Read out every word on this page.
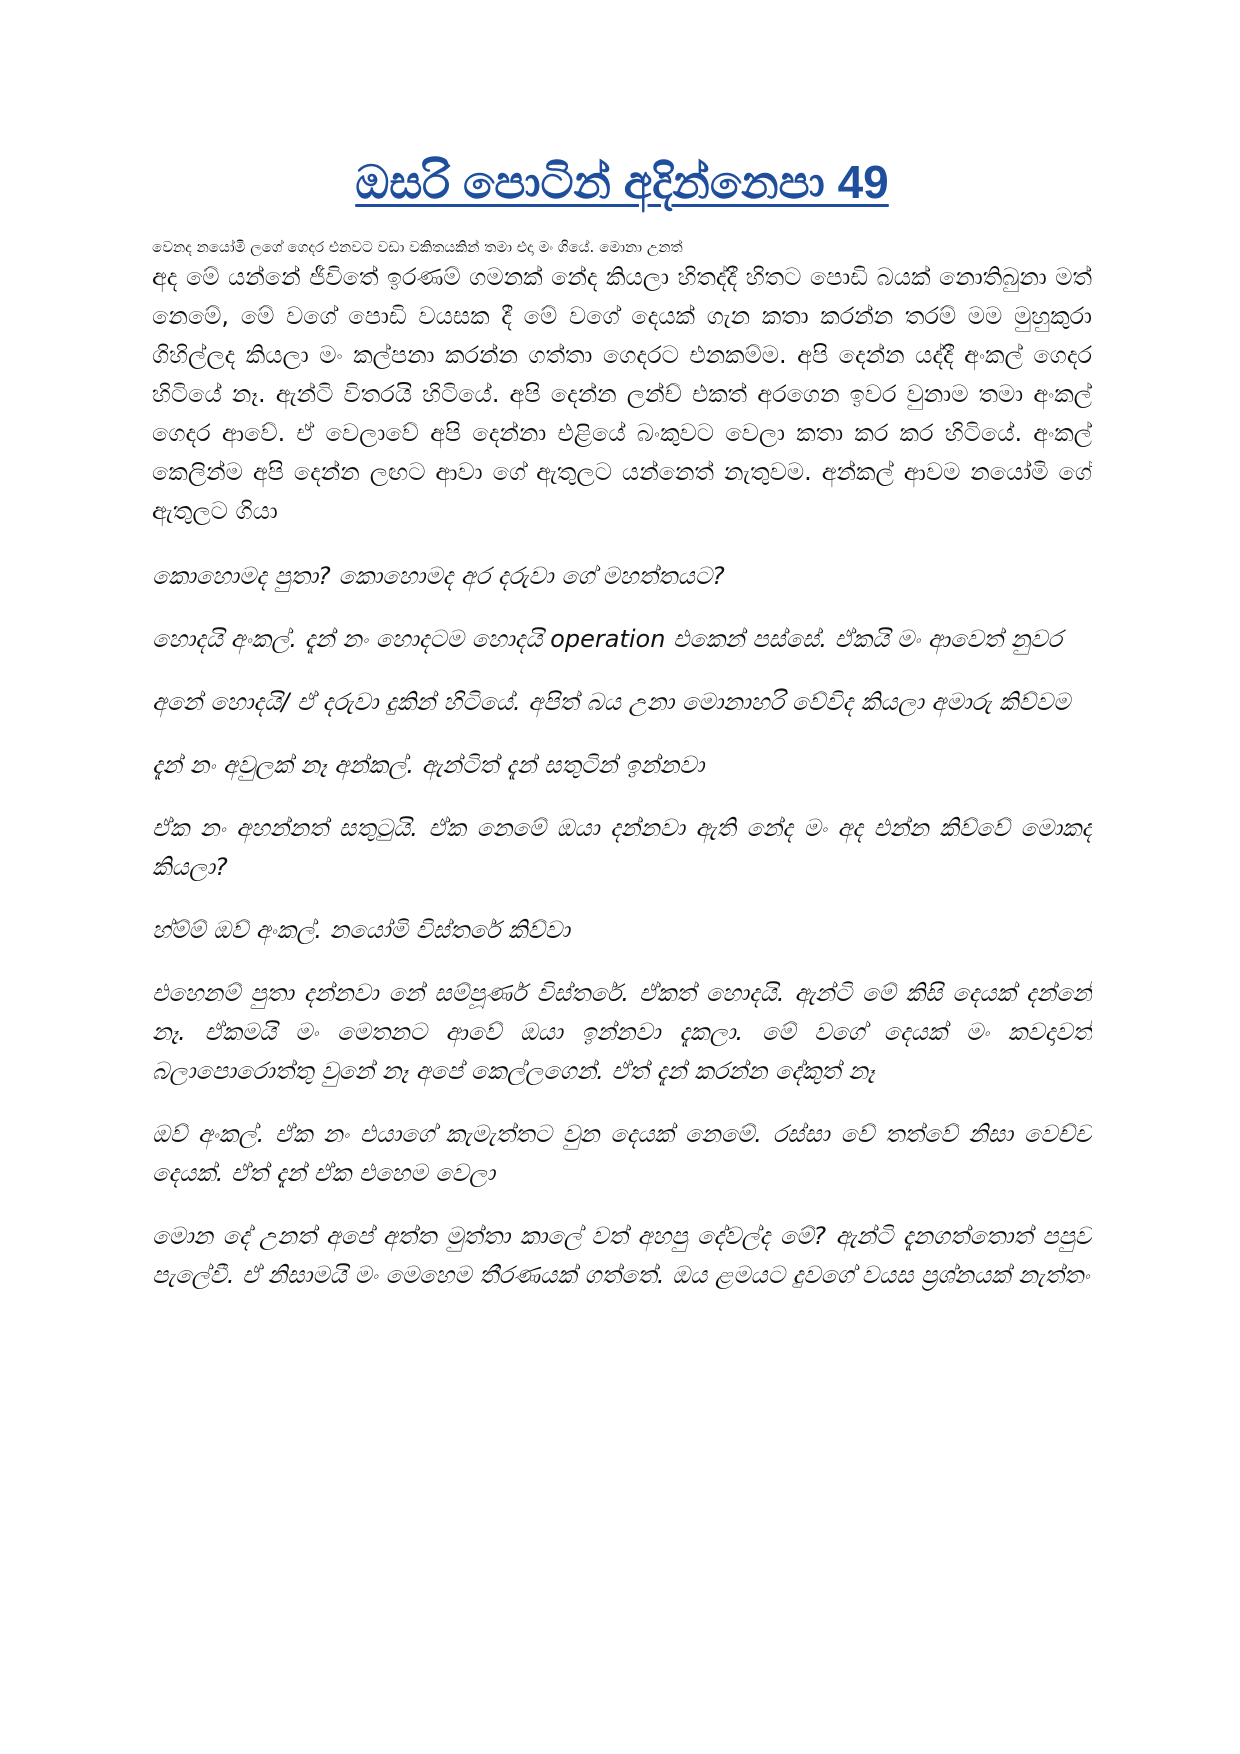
ඔසරි පොටින් අදින්නෙපා 49

වෙනද නයෝමි ලගේ ගෙදර එනවට වඩා වකිතයකින් තමා එදා මං ගියේ. මොනා උනත්

අද මේ යන්නේ ජීවිතේ ඉරණම් ගමනක් නේද කියලා හිතද්දී හිතට පොඩි බයක් නොතිබුනා මත් නෙමේ, මේ වගේ පොඩි වයසක දී මේ වගේ දෙයක් ගැන කතා කරන්න තරම් මම මුහුකුරා ගිහිල්ලද කියලා මං කල්පනා කරන්න ගත්තා ගෙදරට එනකම්ම. අපි දෙන්න යද්දී අංකල් ගෙදර හිටියේ නෑ. ඇන්ටි විතරයි හිටියේ. අපි දෙන්න ලන්ච් එකත් අරගෙන ඉවර වුනාම තමා අංකල් ගෙදර ආවේ. ඒ වෙලාවේ අපි දෙන්නා එළියේ බංකුවට වෙලා කතා කර කර හිටියේ. අංකල් කෙලින්ම අපි දෙන්න ලඟට ආවා ගේ ඇතුලට යන්නෙත් නැතුවම. අන්කල් ආවම නයෝමි ගේ ඇතුලට ගියා

කොහොමද පුතා? කොහොමද අර දරුවා ගේ මහත්තයට?

හොදයි අංකල්. දැන් නං හොදටම හොදයි operation එකෙන් පස්සේ. ඒකයි මං ආවෙත් නුවර

අනේ හොදයි/ ඒ දරුවා දුකින් හිටියේ. අපිත් බය උනා මොනාහරි වේවිද කියලා අමාරු කිව්වම

දැන් නං අවුලක් නෑ අන්කල්. ඇන්ටිත් දැන් සතුටින් ඉන්නවා

ඒක නං අහන්නත් සතුටුයි. ඒක නෙමේ ඔයා දන්නවා ඇති නේද මං අද එන්න කිව්වේ මොකද කියලා?

හ්ම්ම් ඔව් අංකල්. නයෝමි විස්තරේ කිව්වා

එහෙනම් පුතා දන්නවා නේ සම්පූර්ණ විස්තරේ. ඒකත් හොදයි. ඇන්ටි මේ කිසි දෙයක් දන්නේ නෑ. ඒකමයි මං මෙතනට ආවේ ඔයා ඉන්නවා දැකලා. මේ වගේ දෙයක් මං කවදාවත් බලාපොරොත්තු වුනේ නෑ අපේ කෙල්ලගෙන්. ඒත් දැන් කරන්න දේකුත් නෑ

ඔව් අංකල්. ඒක නං එයාගේ කැමැත්තට වුන දෙයක් නෙමේ. රස්සා වේ තත්වේ නිසා වෙච්ච දෙයක්. ඒත් දැන් ඒක එහෙම වෙලා

මොන දේ උනත් අපේ අත්ත මුත්තා කාලේ වත් අහපු දේවල්ද මේ? ඇන්ටි දැනගත්තොත් පපුව පැලේවී. ඒ නිසාමයි මං මෙහෙම තීරණයක් ගත්තේ. ඔය ළමයට දුවගේ වයස ප්‍රශ්නයක් නැත්තං
